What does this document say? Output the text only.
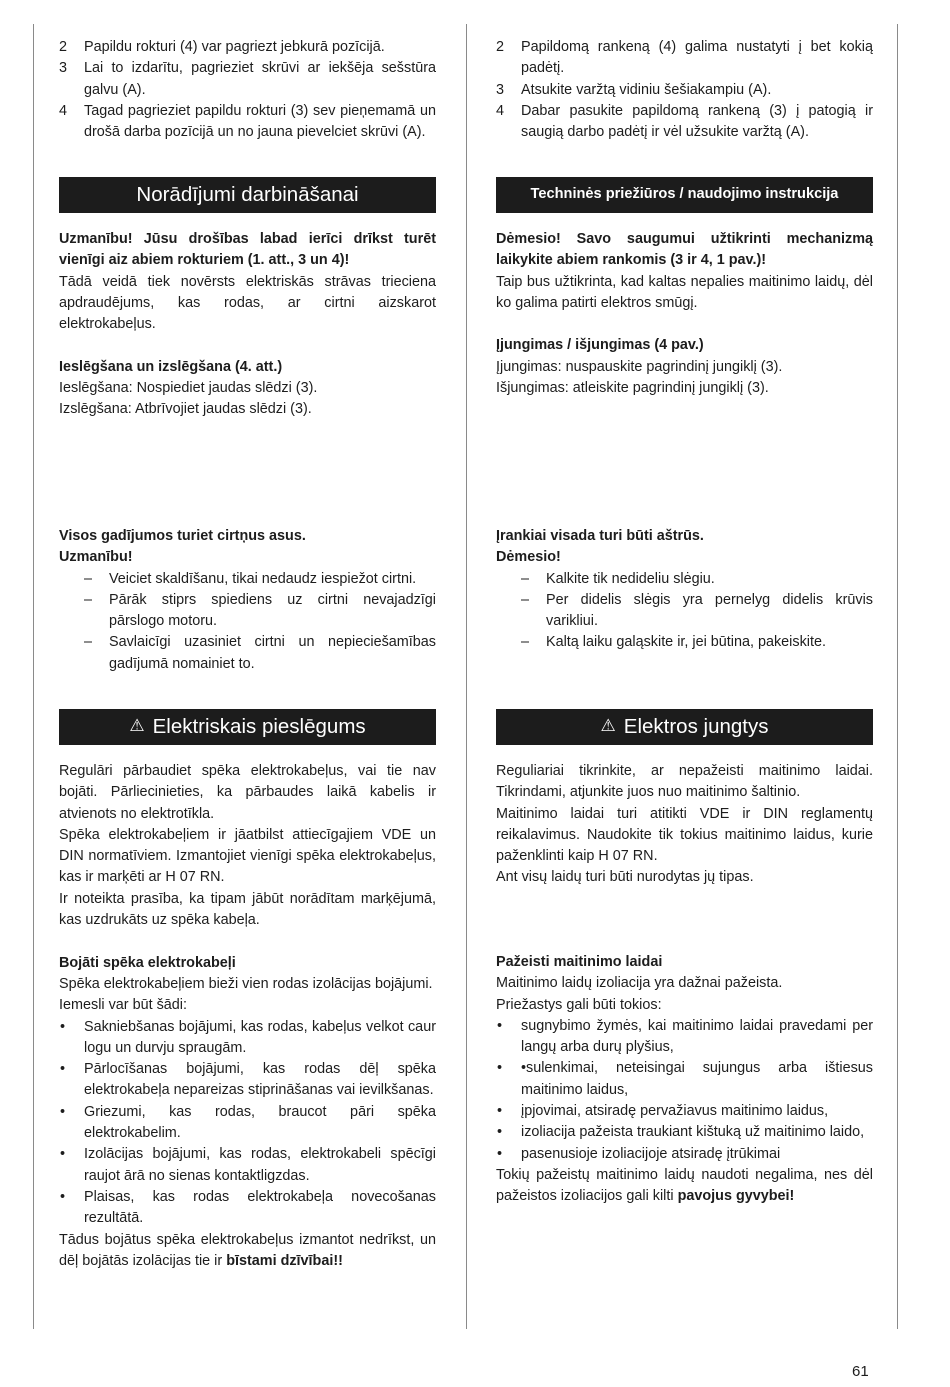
2 Papildu rokturi (4) var pagriezt jebkurā pozīcijā.
3 Lai to izdarītu, pagrieziet skrūvi ar iekšēja sešstūra galvu (A).
4 Tagad pagrieziet papildu rokturi (3) sev pieņemamā un drošā darba pozīcijā un no jauna pievelciet skrūvi (A).
Norādījumi darbināšanai

Uzmanību! Jūsu drošības labad ierīci drīkst turēt vienīgi aiz abiem rokturiem (1. att., 3 un 4)!

Tādā veidā tiek novērsts elektriskās strāvas trieciena apdraudējums, kas rodas, ar cirtni aizskarot elektrokabeļus.

Ieslēgšana un izslēgšana (4. att.)

Ieslēgšana: Nospiediet jaudas slēdzi (3).

Izslēgšana: Atbrīvojiet jaudas slēdzi (3).

Visos gadījumos turiet cirtņus asus.

Uzmanību!

– Veiciet skaldīšanu, tikai nedaudz iespiežot cirtni.
– Pārāk stiprs spiediens uz cirtni nevajadzīgi pārslogo motoru.
– Savlaicīgi uzasiniet cirtni un nepieciešamības gadījumā nomainiet to.
⚠ Elektriskais pieslēgums

Regulāri pārbaudiet spēka elektrokabeļus, vai tie nav bojāti. Pārliecinieties, ka pārbaudes laikā kabelis ir atvienots no elektrotīkla.

Spēka elektrokabeļiem ir jāatbilst attiecīgajiem VDE un DIN normatīviem. Izmantojiet vienīgi spēka elektrokabeļus, kas ir marķēti ar H 07 RN.

Ir noteikta prasība, ka tipam jābūt norādītam marķējumā, kas uzdrukāts uz spēka kabeļa.

Bojāti spēka elektrokabeļi

Spēka elektrokabeļiem bieži vien rodas izolācijas bojājumi.

Iemesli var būt šādi:

• Sakniebšanas bojājumi, kas rodas, kabeļus velkot caur logu un durvju spraugām.
• Pārlocīšanas bojājumi, kas rodas dēļ spēka elektrokabeļa nepareizas stiprināšanas vai ievilkšanas.
• Griezumi, kas rodas, braucot pāri spēka elektrokabelim.
• Izolācijas bojājumi, kas rodas, elektrokabeli spēcīgi raujot ārā no sienas kontaktligzdas.
• Plaisas, kas rodas elektrokabeļa novecošanas rezultātā.

Tādus bojātus spēka elektrokabeļus izmantot nedrīkst, un dēļ bojātās izolācijas tie ir bīstami dzīvībai!!

2 Papildomą rankeną (4) galima nustatyti į bet kokią padėtį.
3 Atsukite varžtą vidiniu šešiakampiu (A).
4 Dabar pasukite papildomą rankeną (3) į patogią ir saugią darbo padėtį ir vėl užsukite varžtą (A).
Techninės priežiūros / naudojimo instrukcija

Dėmesio! Savo saugumui užtikrinti mechanizmą laikykite abiem rankomis (3 ir 4, 1 pav.)!

Taip bus užtikrinta, kad kaltas nepalies maitinimo laidų, dėl ko galima patirti elektros smūgį.

Įjungimas / išjungimas (4 pav.)

Įjungimas: nuspauskite pagrindinį jungiklį (3).

Išjungimas: atleiskite pagrindinį jungiklį (3).

Įrankiai visada turi būti aštrūs.

Dėmesio!

– Kalkite tik nedideliu slėgiu.
– Per didelis slėgis yra pernelyg didelis krūvis varikliui.
– Kaltą laiku galąskite ir, jei būtina, pakeiskite.
⚠ Elektros jungtys

Reguliariai tikrinkite, ar nepažeisti maitinimo laidai. Tikrindami, atjunkite juos nuo maitinimo šaltinio.

Maitinimo laidai turi atitikti VDE ir DIN reglamentų reikalavimus. Naudokite tik tokius maitinimo laidus, kurie paženklinti kaip H 07 RN.

Ant visų laidų turi būti nurodytas jų tipas.

Pažeisti maitinimo laidai

Maitinimo laidų izoliacija yra dažnai pažeista.

Priežastys gali būti tokios:

• sugnybimo žymės, kai maitinimo laidai pravedami per langų arba durų plyšius,
• •sulenkimai, neteisingai sujungus arba ištiesus maitinimo laidus,
• įpjovimai, atsiradę pervažiavus maitinimo laidus,
• izoliacija pažeista traukiant kištuką už maitinimo laido,
• pasenusioje izoliacijoje atsiradę įtrūkimai

Tokių pažeistų maitinimo laidų naudoti negalima, nes dėl pažeistos izoliacijos gali kilti pavojus gyvybei!

61
